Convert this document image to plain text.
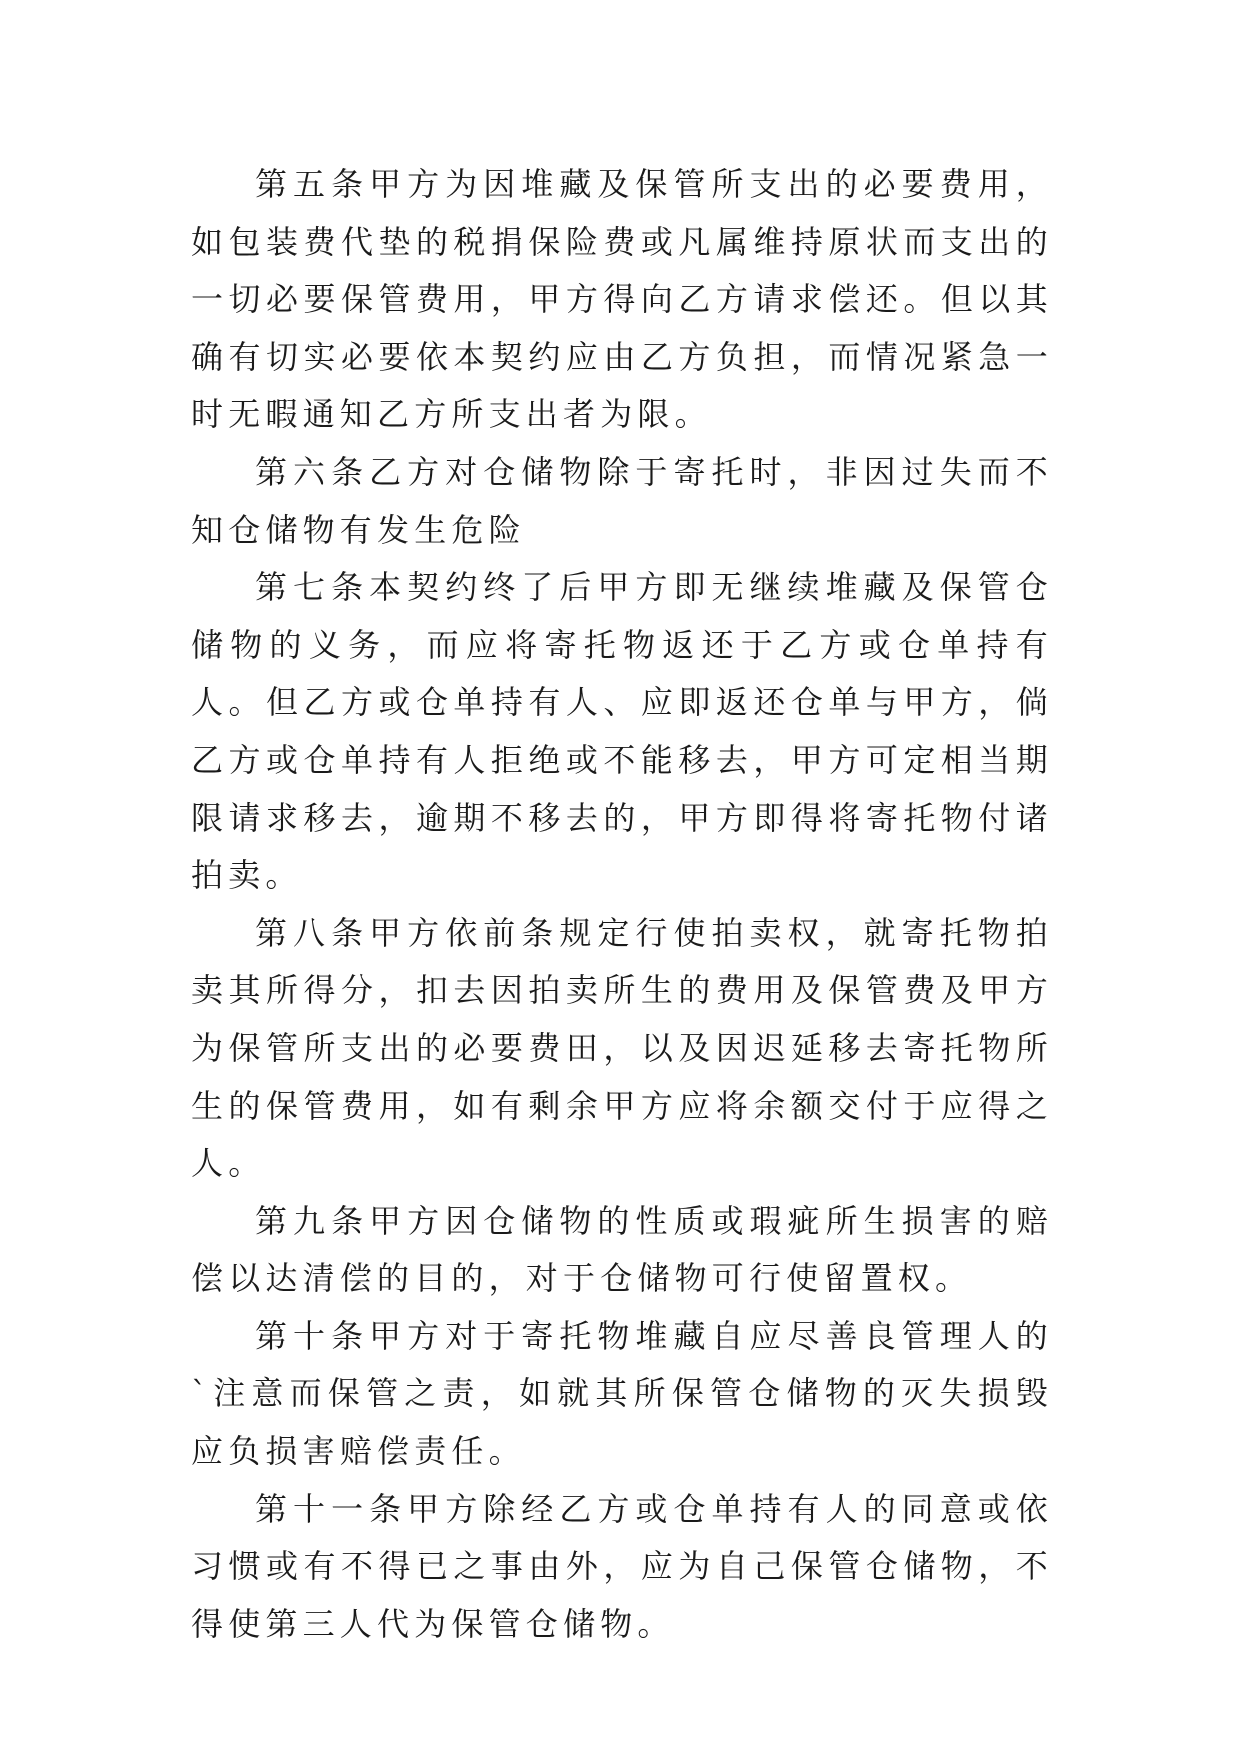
第五条甲方为因堆藏及保管所支出的必要费用，如包装费代垫的税捐保险费或凡属维持原状而支出的一切必要保管费用，甲方得向乙方请求偿还。但以其确有切实必要依本契约应由乙方负担，而情况紧急一时无暇通知乙方所支出者为限。

第六条乙方对仓储物除于寄托时，非因过失而不知仓储物有发生危险

第七条本契约终了后甲方即无继续堆藏及保管仓储物的义务，而应将寄托物返还于乙方或仓单持有人。但乙方或仓单持有人、应即返还仓单与甲方，倘乙方或仓单持有人拒绝或不能移去，甲方可定相当期限请求移去，逾期不移去的，甲方即得将寄托物付诸拍卖。

第八条甲方依前条规定行使拍卖权，就寄托物拍卖其所得分，扣去因拍卖所生的费用及保管费及甲方为保管所支出的必要费田，以及因迟延移去寄托物所生的保管费用，如有剩余甲方应将余额交付于应得之人。

第九条甲方因仓储物的性质或瑕疵所生损害的赔偿以达清偿的目的，对于仓储物可行使留置权。

第十条甲方对于寄托物堆藏自应尽善良管理人的`注意而保管之责，如就其所保管仓储物的灭失损毁应负损害赔偿责任。

第十一条甲方除经乙方或仓单持有人的同意或依习惯或有不得已之事由外，应为自己保管仓储物，不得使第三人代为保管仓储物。
